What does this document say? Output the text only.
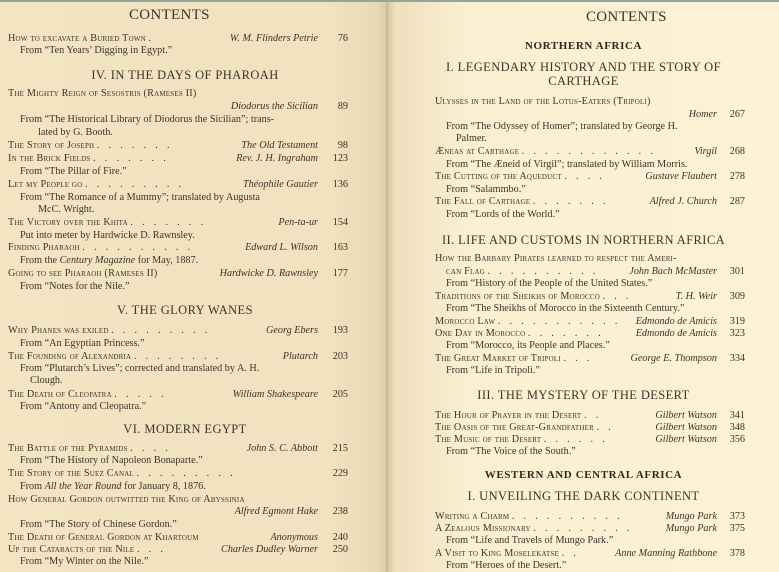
CONTENTS
How to excavate a Buried Town .	W. M. Flinders Petrie	76
From “Ten Years’ Digging in Egypt.”
IV. IN THE DAYS OF PHAROAH
The Mighty Reign of Sesostris (Rameses II)
Diodorus the Sicilian	89
From “The Historical Library of Diodorus the Sicilian”; trans-
lated by G. Booth.
The Story of Joseph . . . . . . .	The Old Testament	98
In the Brick Fields . . . . . . .	Rev. J. H. Ingraham	123
From “The Pillar of Fire.”
Let my People go . . . . . . . . .	Théophile Gautier	136
From “The Romance of a Mummy”; translated by Augusta
McC. Wright.
The Victory over the Khita . . . . . . .	Pen-ta-ur	154
Put into meter by Hardwicke D. Rawnsley.
Finding Pharaoh . . . . . . . . . .	Edward L. Wilson	163
From the Century Magazine for May, 1887.
Going to see Pharaoh (Rameses II)	Hardwicke D. Rawnsley	177
From “Notes for the Nile.”
V. THE GLORY WANES
Why Phanes was exiled . . . . . . . . .	Georg Ebers	193
From “An Egyptian Princess.”
The Founding of Alexandria . . . . . . . .	Plutarch	203
From “Plutarch’s Lives”; corrected and translated by A. H.
Clough.
The Death of Cleopatra . . . . .	William Shakespeare	205
From “Antony and Cleopatra.”
VI. MODERN EGYPT
The Battle of the Pyramids . . . .	John S. C. Abbott	215
From “The History of Napoleon Bonaparte.”
The Story of the Suez Canal . . . . . . . . .	229
From All the Year Round for January 8, 1876.
How General Gordon outwitted the King of Abyssinia
Alfred Egmont Hake	238
From “The Story of Chinese Gordon.”
The Death of General Gordon at Khartoum	Anonymous	240
Up the Cataracts of the Nile . . .	Charles Dudley Warner	250
From “My Winter on the Nile.”
CONTENTS
NORTHERN AFRICA
I. LEGENDARY HISTORY AND THE STORY OF
CARTHAGE
Ulysses in the Land of the Lotus-Eaters (Tripoli)
Homer	267
From “The Odyssey of Homer”; translated by George H.
Palmer.
Æneas at Carthage . . . . . . . . . . . .	Virgil	268
From “The Æneid of Virgil”; translated by William Morris.
The Cutting of the Aqueduct . . . .	Gustave Flaubert	278
From “Salammbo.”
The Fall of Carthage . . . . . . .	Alfred J. Church	287
From “Lords of the World.”
II. LIFE AND CUSTOMS IN NORTHERN AFRICA
How the Barbary Pirates learned to respect the Ameri-
can Flag . . . . . . . . . .	John Bach McMaster	301
From “History of the People of the United States.”
Traditions of the Sheikhs of Morocco . . .	T. H. Weir	309
From “The Sheikhs of Morocco in the Sixteenth Century.”
Morocco Law . . . . . . . . . . . Edmondo de Amicis	319
One Day in Morocco . . . . . . .	Edmondo de Amicis	323
From “Morocco, its People and Places.”
The Great Market of Tripoli . . .	George E. Thompson	334
From “Life in Tripoli.”
III. THE MYSTERY OF THE DESERT
The Hour of Prayer in the Desert . .	Gilbert Watson	341
The Oasis of the Great-Grandfather . .	Gilbert Watson	348
The Music of the Desert . . . . . .	Gilbert Watson	356
From “The Voice of the South.”
WESTERN AND CENTRAL AFRICA
I. UNVEILING THE DARK CONTINENT
Writing a Charm . . . . . . . . . .	Mungo Park	373
A Zealous Missionary . . . . . . . . .	Mungo Park	375
From “Life and Travels of Mungo Park.”
A Visit to King Moselekatse . .	Anne Manning Rathbone	378
From “Heroes of the Desert.”
